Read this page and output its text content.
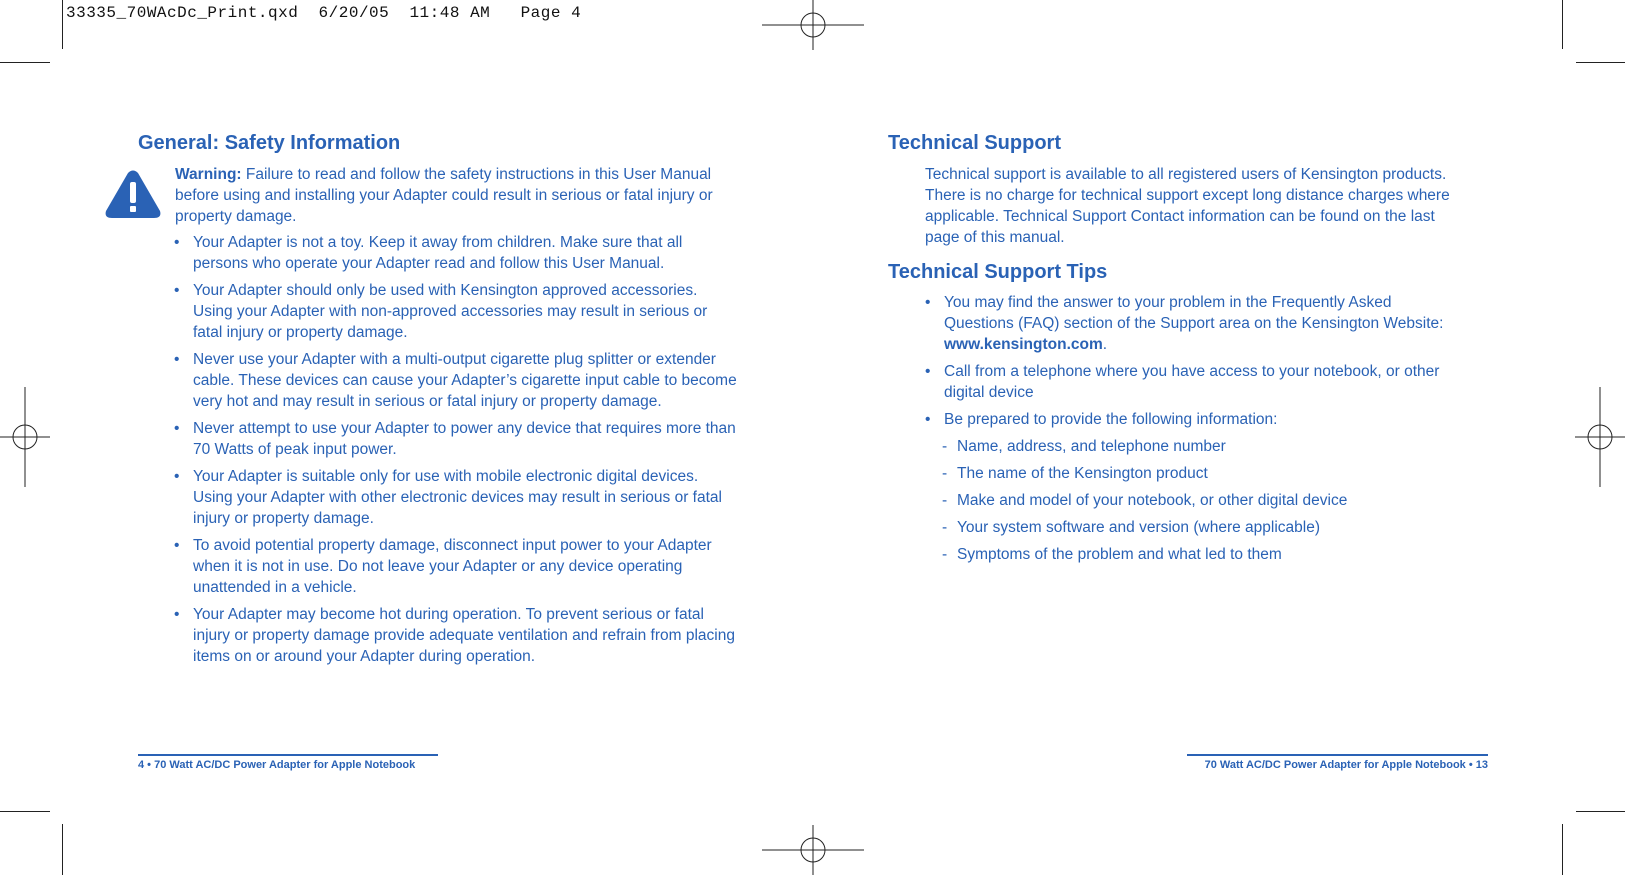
33335_70WAcDc_Print.qxd  6/20/05  11:48 AM   Page 4
General: Safety Information

Warning: Failure to read and follow the safety instructions in this User Manual before using and installing your Adapter could result in serious or fatal injury or property damage.

• Your Adapter is not a toy. Keep it away from children. Make sure that all persons who operate your Adapter read and follow this User Manual.
• Your Adapter should only be used with Kensington approved accessories. Using your Adapter with non-approved accessories may result in serious or fatal injury or property damage.
• Never use your Adapter with a multi-output cigarette plug splitter or extender cable. These devices can cause your Adapter’s cigarette input cable to become very hot and may result in serious or fatal injury or property damage.
• Never attempt to use your Adapter to power any device that requires more than 70 Watts of peak input power.
• Your Adapter is suitable only for use with mobile electronic digital devices. Using your Adapter with other electronic devices may result in serious or fatal injury or property damage.
• To avoid potential property damage, disconnect input power to your Adapter when it is not in use. Do not leave your Adapter or any device operating unattended in a vehicle.
• Your Adapter may become hot during operation. To prevent serious or fatal injury or property damage provide adequate ventilation and refrain from placing items on or around your Adapter during operation.
4 • 70 Watt AC/DC Power Adapter for Apple Notebook
Technical Support

Technical support is available to all registered users of Kensington products. There is no charge for technical support except long distance charges where applicable. Technical Support Contact information can be found on the last page of this manual.

Technical Support Tips
• You may find the answer to your problem in the Frequently Asked Questions (FAQ) section of the Support area on the Kensington Website: www.kensington.com.
• Call from a telephone where you have access to your notebook, or other digital device
• Be prepared to provide the following information:
- Name, address, and telephone number
- The name of the Kensington product
- Make and model of your notebook, or other digital device
- Your system software and version (where applicable)
- Symptoms of the problem and what led to them
70 Watt AC/DC Power Adapter for Apple Notebook • 13
